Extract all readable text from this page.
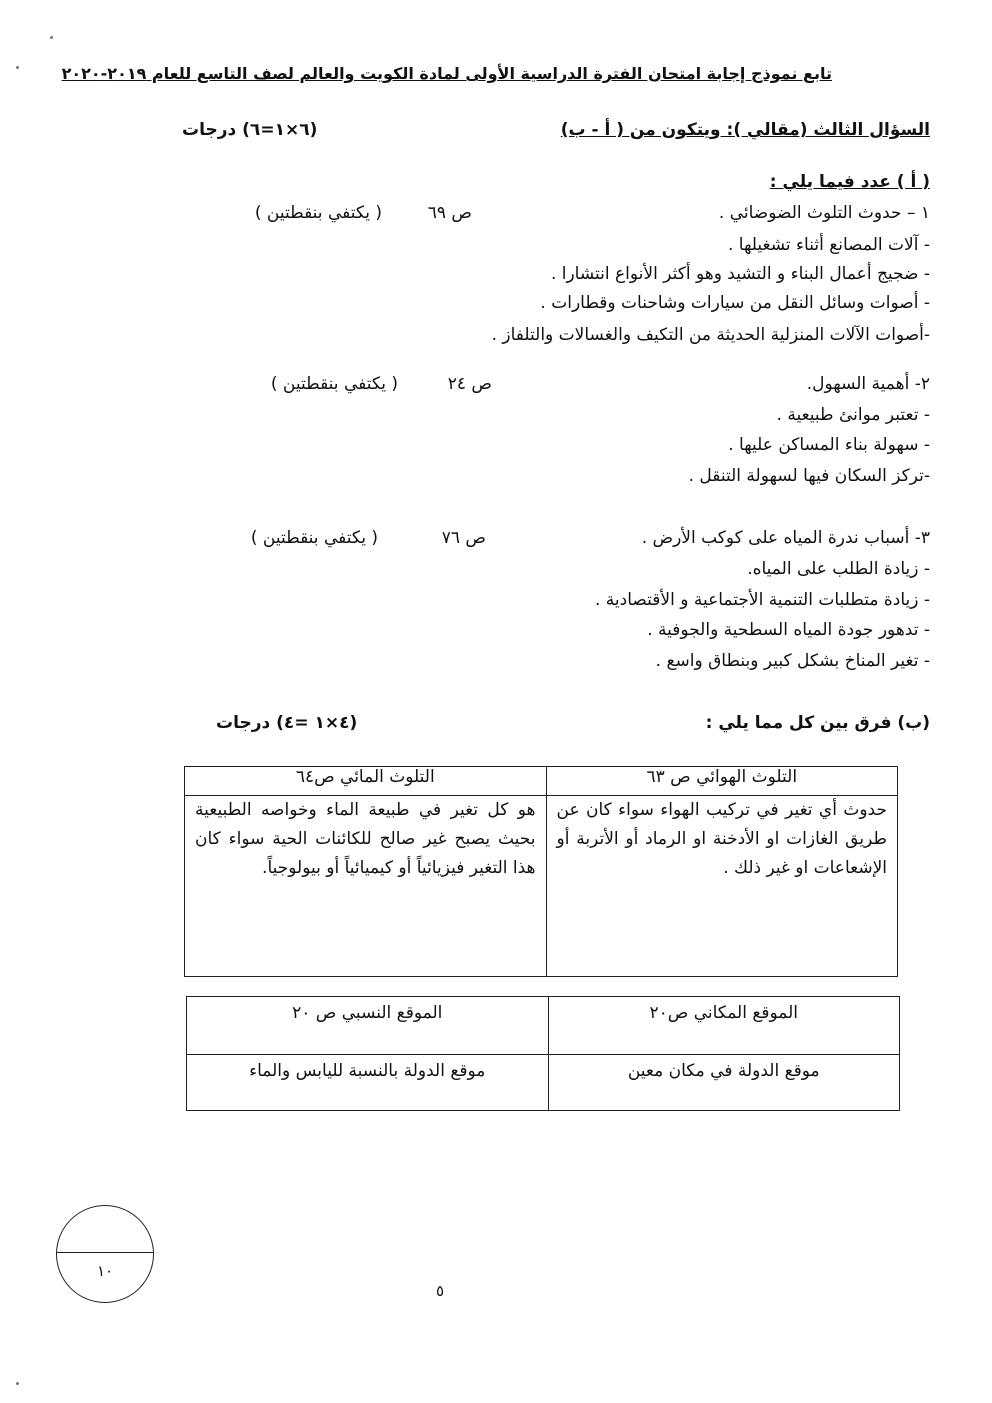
تابع نموذج إجابة امتحان الفترة الدراسية الأولى لمادة الكويت والعالم لصف التاسع للعام ٢٠١٩-٢٠٢٠
السؤال الثالث (مقالي ): ويتكون من ( أ - ب)
(٦×١=٦) درجات
( أ ) عدد فيما يلي :
١ – حدوث التلوث الضوضائي .
ص ٦٩
( يكتفي بنقطتين )
- آلات المصانع أثناء تشغيلها .
- ضجيج أعمال البناء و التشيد وهو أكثر الأنواع انتشارا .
- أصوات وسائل النقل من سيارات وشاحنات وقطارات .
-أصوات الآلات المنزلية الحديثة من التكيف والغسالات والتلفاز .
٢- أهمية السهول.
ص ٢٤
( يكتفي بنقطتين )
- تعتبر موانئ طبيعية .
- سهولة بناء المساكن عليها .
-تركز السكان فيها لسهولة التنقل .
٣- أسباب ندرة المياه على كوكب الأرض .
ص ٧٦
( يكتفي بنقطتين )
- زيادة الطلب على المياه.
- زيادة متطلبات التنمية الأجتماعية و الأقتصادية .
- تدهور جودة المياه السطحية والجوفية .
- تغير المناخ بشكل كبير وبنطاق واسع .
(ب) فرق بين كل مما يلي :
(٤×١ =٤) درجات
التلوث الهوائي ص ٦٣	التلوث المائي ص٦٤
حدوث أي تغير في تركيب الهواء سواء كان عن طريق الغازات او الأدخنة او الرماد أو الأتربة أو الإشعاعات او غير ذلك .	هو كل تغير في طبيعة الماء وخواصه الطبيعية بحيث يصبح غير صالح للكائنات الحية سواء كان هذا التغير فيزيائياً أو كيميائياً أو بيولوجياً.
الموقع المكاني ص٢٠	الموقع النسبي ص ٢٠
موقع الدولة في مكان معين	موقع الدولة بالنسبة لليابس والماء
١٠
٥
